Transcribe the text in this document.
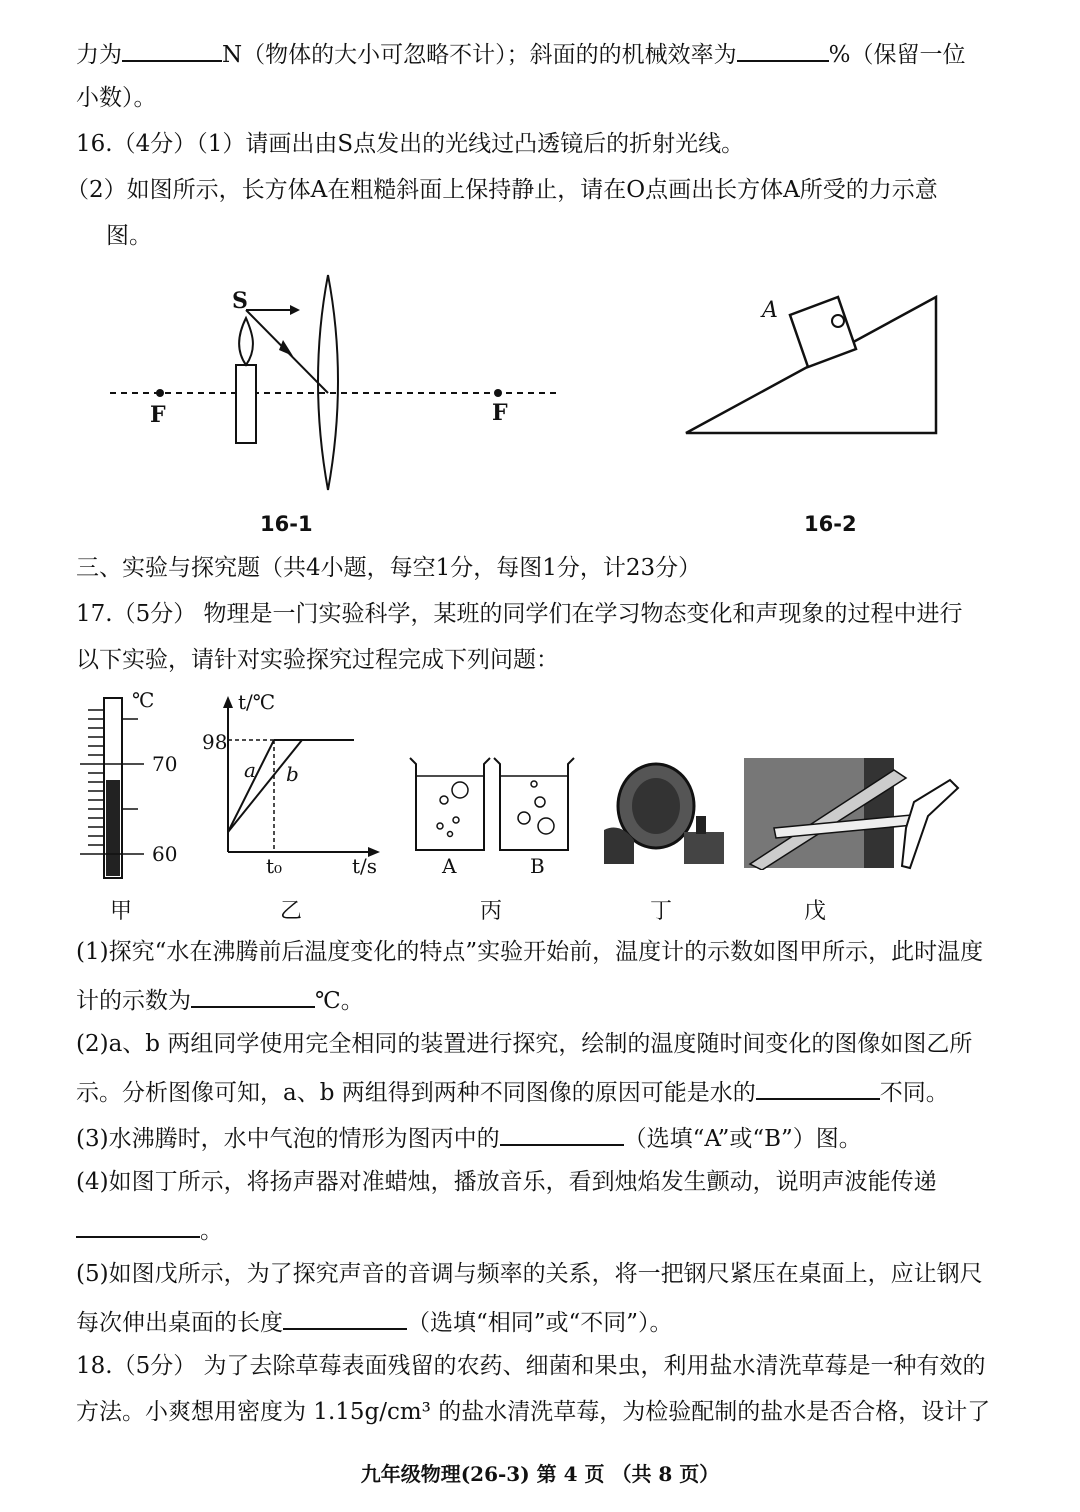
力为	N（物体的大小可忽略不计）；斜面的的机械效率为	%（保留一位
小数）。
16.（4分）（1）请画出由S点发出的光线过凸透镜后的折射光线。
（2）如图所示，长方体A在粗糙斜面上保持静止，请在O点画出长方体A所受的力示意
图。
S
F	F
16-1
A
16-2
三、实验与探究题（共4小题，每空1分，每图1分，计23分）
17.（5分） 物理是一门实验科学，某班的同学们在学习物态变化和声现象的过程中进行
以下实验，请针对实验探究过程完成下列问题：
℃
70
60
t/℃
98
a b
t₀	t/s	A	B
甲	乙	丙	丁	戊
(1)探究“水在沸腾前后温度变化的特点”实验开始前，温度计的示数如图甲所示，此时温度
计的示数为	℃。
(2)a、b 两组同学使用完全相同的装置进行探究，绘制的温度随时间变化的图像如图乙所
示。分析图像可知，a、b 两组得到两种不同图像的原因可能是水的	不同。
(3)水沸腾时，水中气泡的情形为图丙中的	（选填“A”或“B”）图。
(4)如图丁所示，将扬声器对准蜡烛，播放音乐，看到烛焰发生颤动，说明声波能传递
。
(5)如图戊所示，为了探究声音的音调与频率的关系，将一把钢尺紧压在桌面上，应让钢尺
每次伸出桌面的长度	（选填“相同”或“不同”）。
18.（5分） 为了去除草莓表面残留的农药、细菌和果虫，利用盐水清洗草莓是一种有效的
方法。小爽想用密度为 1.15g/cm³ 的盐水清洗草莓，为检验配制的盐水是否合格，设计了
九年级物理(26-3) 第 4 页 （共 8 页）
